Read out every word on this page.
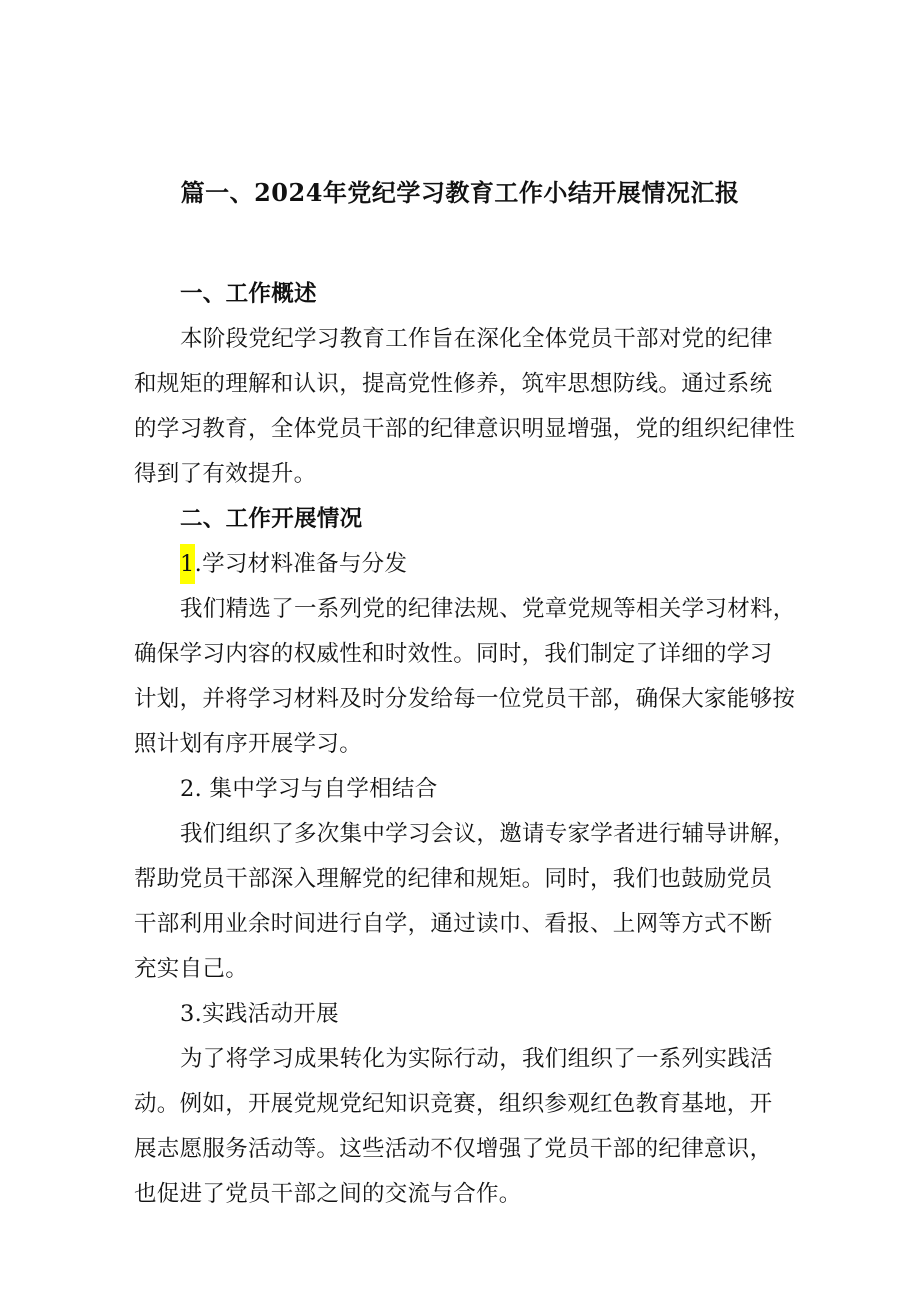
篇一、2024年党纪学习教育工作小结开展情况汇报
一、工作概述
本阶段党纪学习教育工作旨在深化全体党员干部对党的纪律
和规矩的理解和认识，提高党性修养，筑牢思想防线。通过系统
的学习教育，全体党员干部的纪律意识明显增强，党的组织纪律性
得到了有效提升。
二、工作开展情况
1.学习材料准备与分发
我们精选了一系列党的纪律法规、党章党规等相关学习材料，
确保学习内容的权威性和时效性。同时，我们制定了详细的学习
计划，并将学习材料及时分发给每一位党员干部，确保大家能够按
照计划有序开展学习。
2. 集中学习与自学相结合
我们组织了多次集中学习会议，邀请专家学者进行辅导讲解，
帮助党员干部深入理解党的纪律和规矩。同时，我们也鼓励党员
干部利用业余时间进行自学，通过读巾、看报、上网等方式不断
充实自己。
3.实践活动开展
为了将学习成果转化为实际行动，我们组织了一系列实践活
动。例如，开展党规党纪知识竞赛，组织参观红色教育基地，开
展志愿服务活动等。这些活动不仅增强了党员干部的纪律意识，
也促进了党员干部之间的交流与合作。
